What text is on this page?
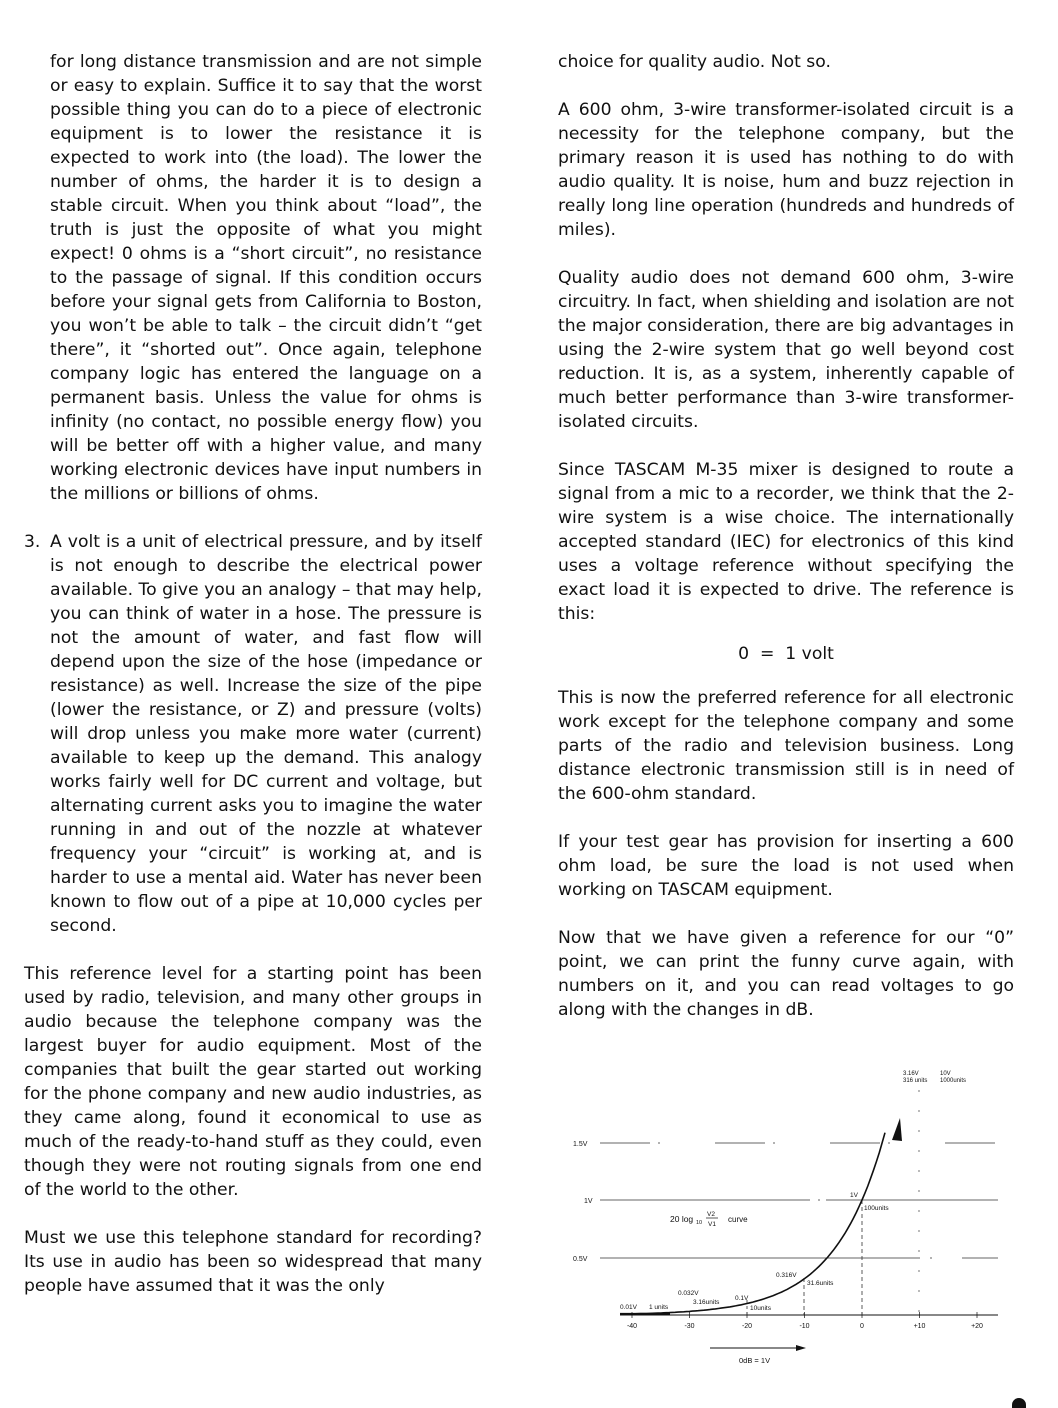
for long distance transmission and are not simple or easy to explain. Suffice it to say that the worst possible thing you can do to a piece of electronic equipment is to lower the resistance it is expected to work into (the load). The lower the number of ohms, the harder it is to design a stable circuit. When you think about “load”, the truth is just the opposite of what you might expect! 0 ohms is a “short circuit”, no resistance to the passage of signal. If this condition occurs before your signal gets from California to Boston, you won’t be able to talk – the circuit didn’t “get there”, it “shorted out”. Once again, telephone company logic has entered the language on a permanent basis. Unless the value for ohms is infinity (no contact, no possible energy flow) you will be better off with a higher value, and many working electronic devices have input numbers in the millions or billions of ohms.

3. A volt is a unit of electrical pressure, and by itself is not enough to describe the electrical power available. To give you an analogy – that may help, you can think of water in a hose. The pressure is not the amount of water, and fast flow will depend upon the size of the hose (impedance or resistance) as well. Increase the size of the pipe (lower the resistance, or Z) and pressure (volts) will drop unless you make more water (current) available to keep up the demand. This analogy works fairly well for DC current and voltage, but alternating current asks you to imagine the water running in and out of the nozzle at whatever frequency your “circuit” is working at, and is harder to use a mental aid. Water has never been known to flow out of a pipe at 10,000 cycles per second.

This reference level for a starting point has been used by radio, television, and many other groups in audio because the telephone company was the largest buyer for audio equipment. Most of the companies that built the gear started out working for the phone company and new audio industries, as they came along, found it economical to use as much of the ready-to-hand stuff as they could, even though they were not routing signals from one end of the world to the other.

Must we use this telephone standard for recording? Its use in audio has been so widespread that many people have assumed that it was the only

choice for quality audio. Not so.

A 600 ohm, 3-wire transformer-isolated circuit is a necessity for the telephone company, but the primary reason it is used has nothing to do with audio quality. It is noise, hum and buzz rejection in really long line operation (hundreds and hundreds of miles).

Quality audio does not demand 600 ohm, 3-wire circuitry. In fact, when shielding and isolation are not the major consideration, there are big advantages in using the 2-wire system that go well beyond cost reduction. It is, as a system, inherently capable of much better performance than 3-wire transformer-isolated circuits.

Since TASCAM M-35 mixer is designed to route a signal from a mic to a recorder, we think that the 2-wire system is a wise choice. The internationally accepted standard (IEC) for electronics of this kind uses a voltage reference without specifying the exact load it is expected to drive. The reference is this:

0  =  1 volt

This is now the preferred reference for all electronic work except for the telephone company and some parts of the radio and television business. Long distance electronic transmission still is in need of the 600-ohm standard.

If your test gear has provision for inserting a 600 ohm load, be sure the load is not used when working on TASCAM equipment.

Now that we have given a reference for our “0” point, we can print the funny curve again, with numbers on it, and you can read voltages to go along with the changes in dB.

1.5V
1V
0.5V
-40	-30	-20	-10	0	+10	+20
20 log 10
V2
V1
curve
0.01V 1 units
0.032V
3.16units
0.1V
10units
0.316V
31.6units
1V
100units
3.16V
316 units
10V
1000units
0dB = 1V
